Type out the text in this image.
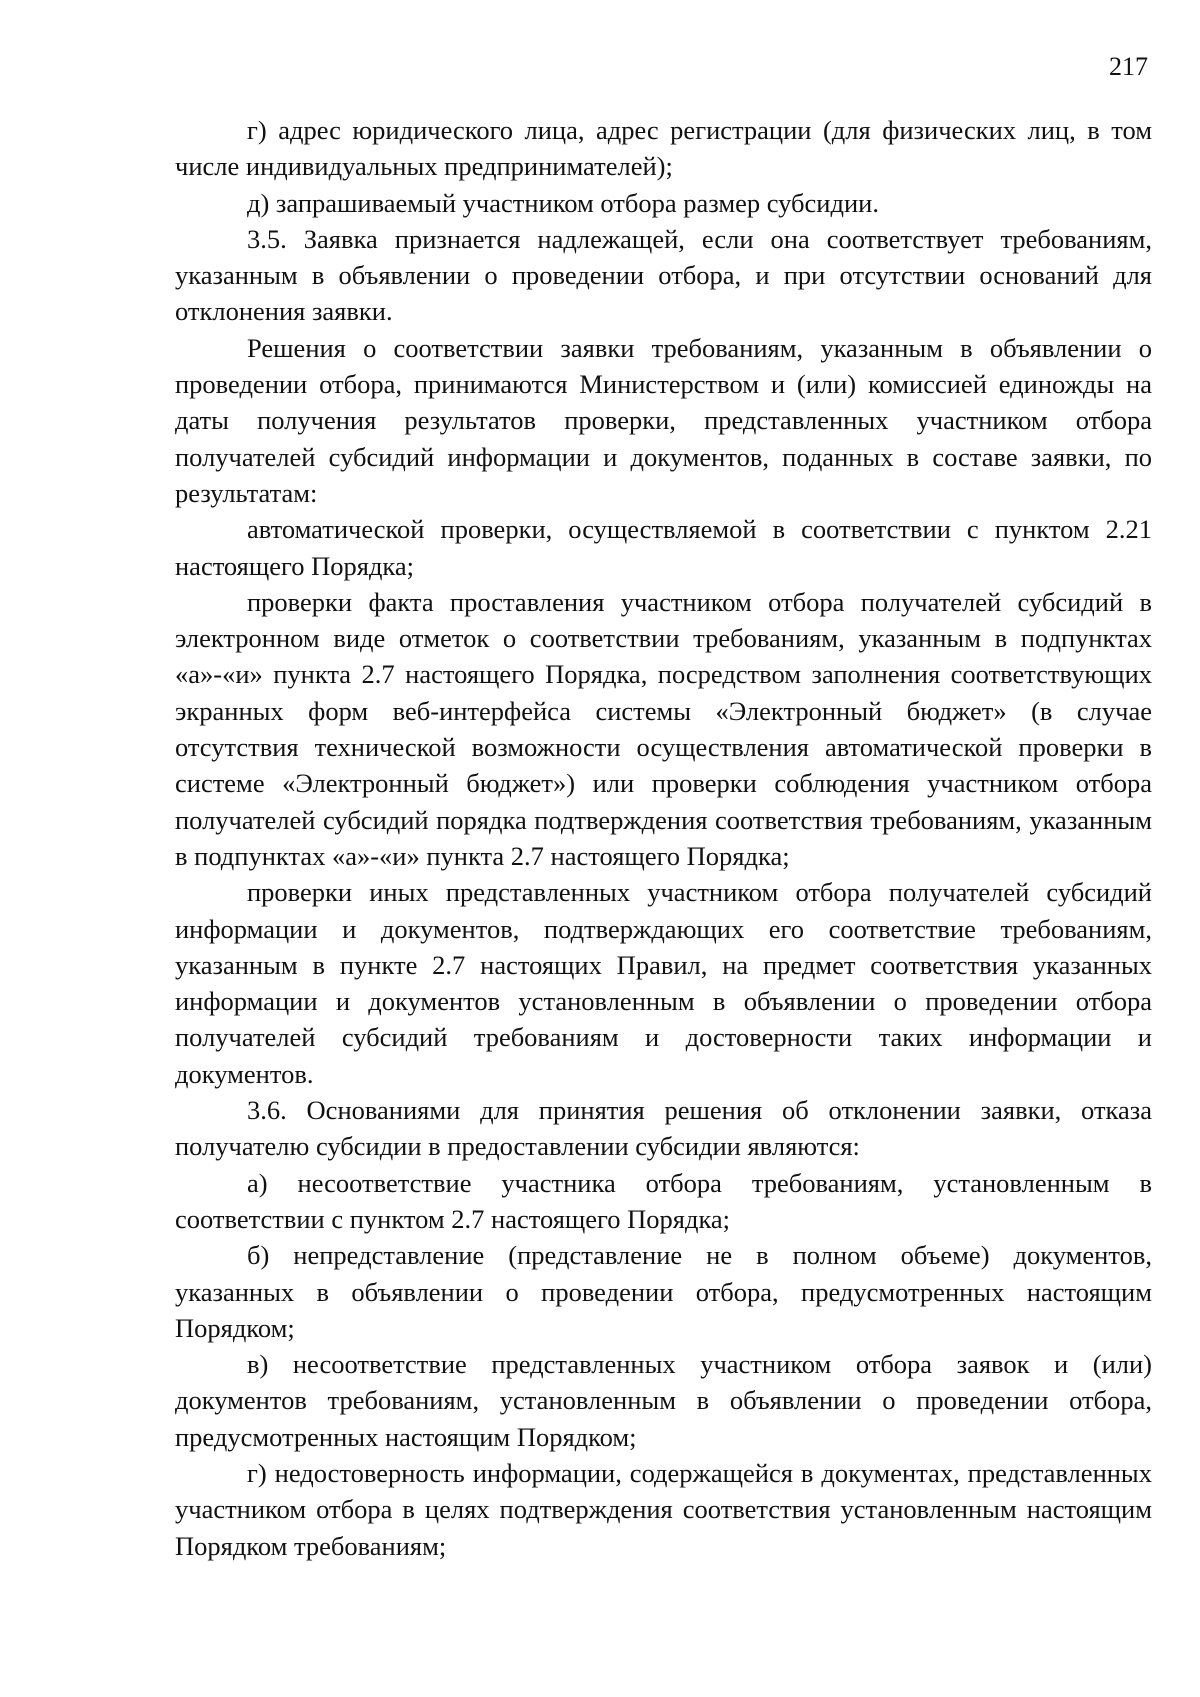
217

г) адрес юридического лица, адрес регистрации (для физических лиц, в том числе индивидуальных предпринимателей);

д) запрашиваемый участником отбора размер субсидии.

3.5. Заявка признается надлежащей, если она соответствует требованиям, указанным в объявлении о проведении отбора, и при отсутствии оснований для отклонения заявки.

Решения о соответствии заявки требованиям, указанным в объявлении о проведении отбора, принимаются Министерством и (или) комиссией единожды на даты получения результатов проверки, представленных участником отбора получателей субсидий информации и документов, поданных в составе заявки, по результатам:

автоматической проверки, осуществляемой в соответствии с пунктом 2.21 настоящего Порядка;

проверки факта проставления участником отбора получателей субсидий в электронном виде отметок о соответствии требованиям, указанным в подпунктах «а»-«и» пункта 2.7 настоящего Порядка, посредством заполнения соответствующих экранных форм веб-интерфейса системы «Электронный бюджет» (в случае отсутствия технической возможности осуществления автоматической проверки в системе «Электронный бюджет») или проверки соблюдения участником отбора получателей субсидий порядка подтверждения соответствия требованиям, указанным в подпунктах «а»-«и» пункта 2.7 настоящего Порядка;

проверки иных представленных участником отбора получателей субсидий информации и документов, подтверждающих его соответствие требованиям, указанным в пункте 2.7 настоящих Правил, на предмет соответствия указанных информации и документов установленным в объявлении о проведении отбора получателей субсидий требованиям и достоверности таких информации и документов.

3.6. Основаниями для принятия решения об отклонении заявки, отказа получателю субсидии в предоставлении субсидии являются:

а) несоответствие участника отбора требованиям, установленным в соответствии с пунктом 2.7 настоящего Порядка;

б) непредставление (представление не в полном объеме) документов, указанных в объявлении о проведении отбора, предусмотренных настоящим Порядком;

в) несоответствие представленных участником отбора заявок и (или) документов требованиям, установленным в объявлении о проведении отбора, предусмотренных настоящим Порядком;

г) недостоверность информации, содержащейся в документах, представленных участником отбора в целях подтверждения соответствия установленным настоящим Порядком требованиям;
